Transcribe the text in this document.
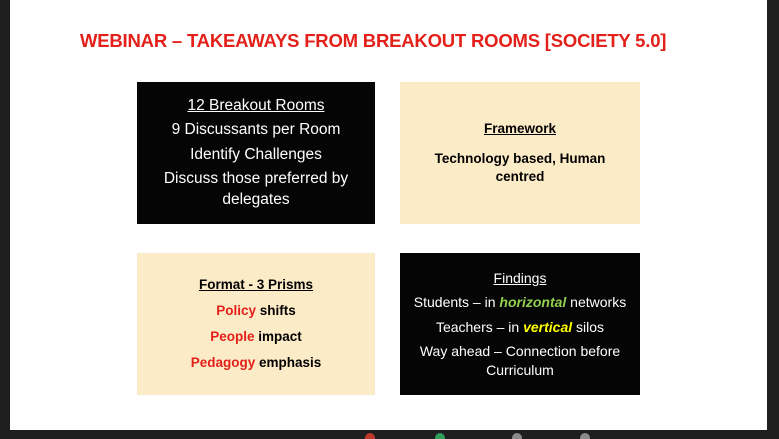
WEBINAR – TAKEAWAYS FROM BREAKOUT ROOMS [SOCIETY 5.0]
12 Breakout Rooms
9 Discussants per Room
Identify Challenges
Discuss those preferred by delegates
Framework
Technology based, Human centred
Format - 3 Prisms
Policy shifts
People impact
Pedagogy emphasis
Findings
Students – in horizontal networks
Teachers – in vertical silos
Way ahead – Connection before Curriculum
